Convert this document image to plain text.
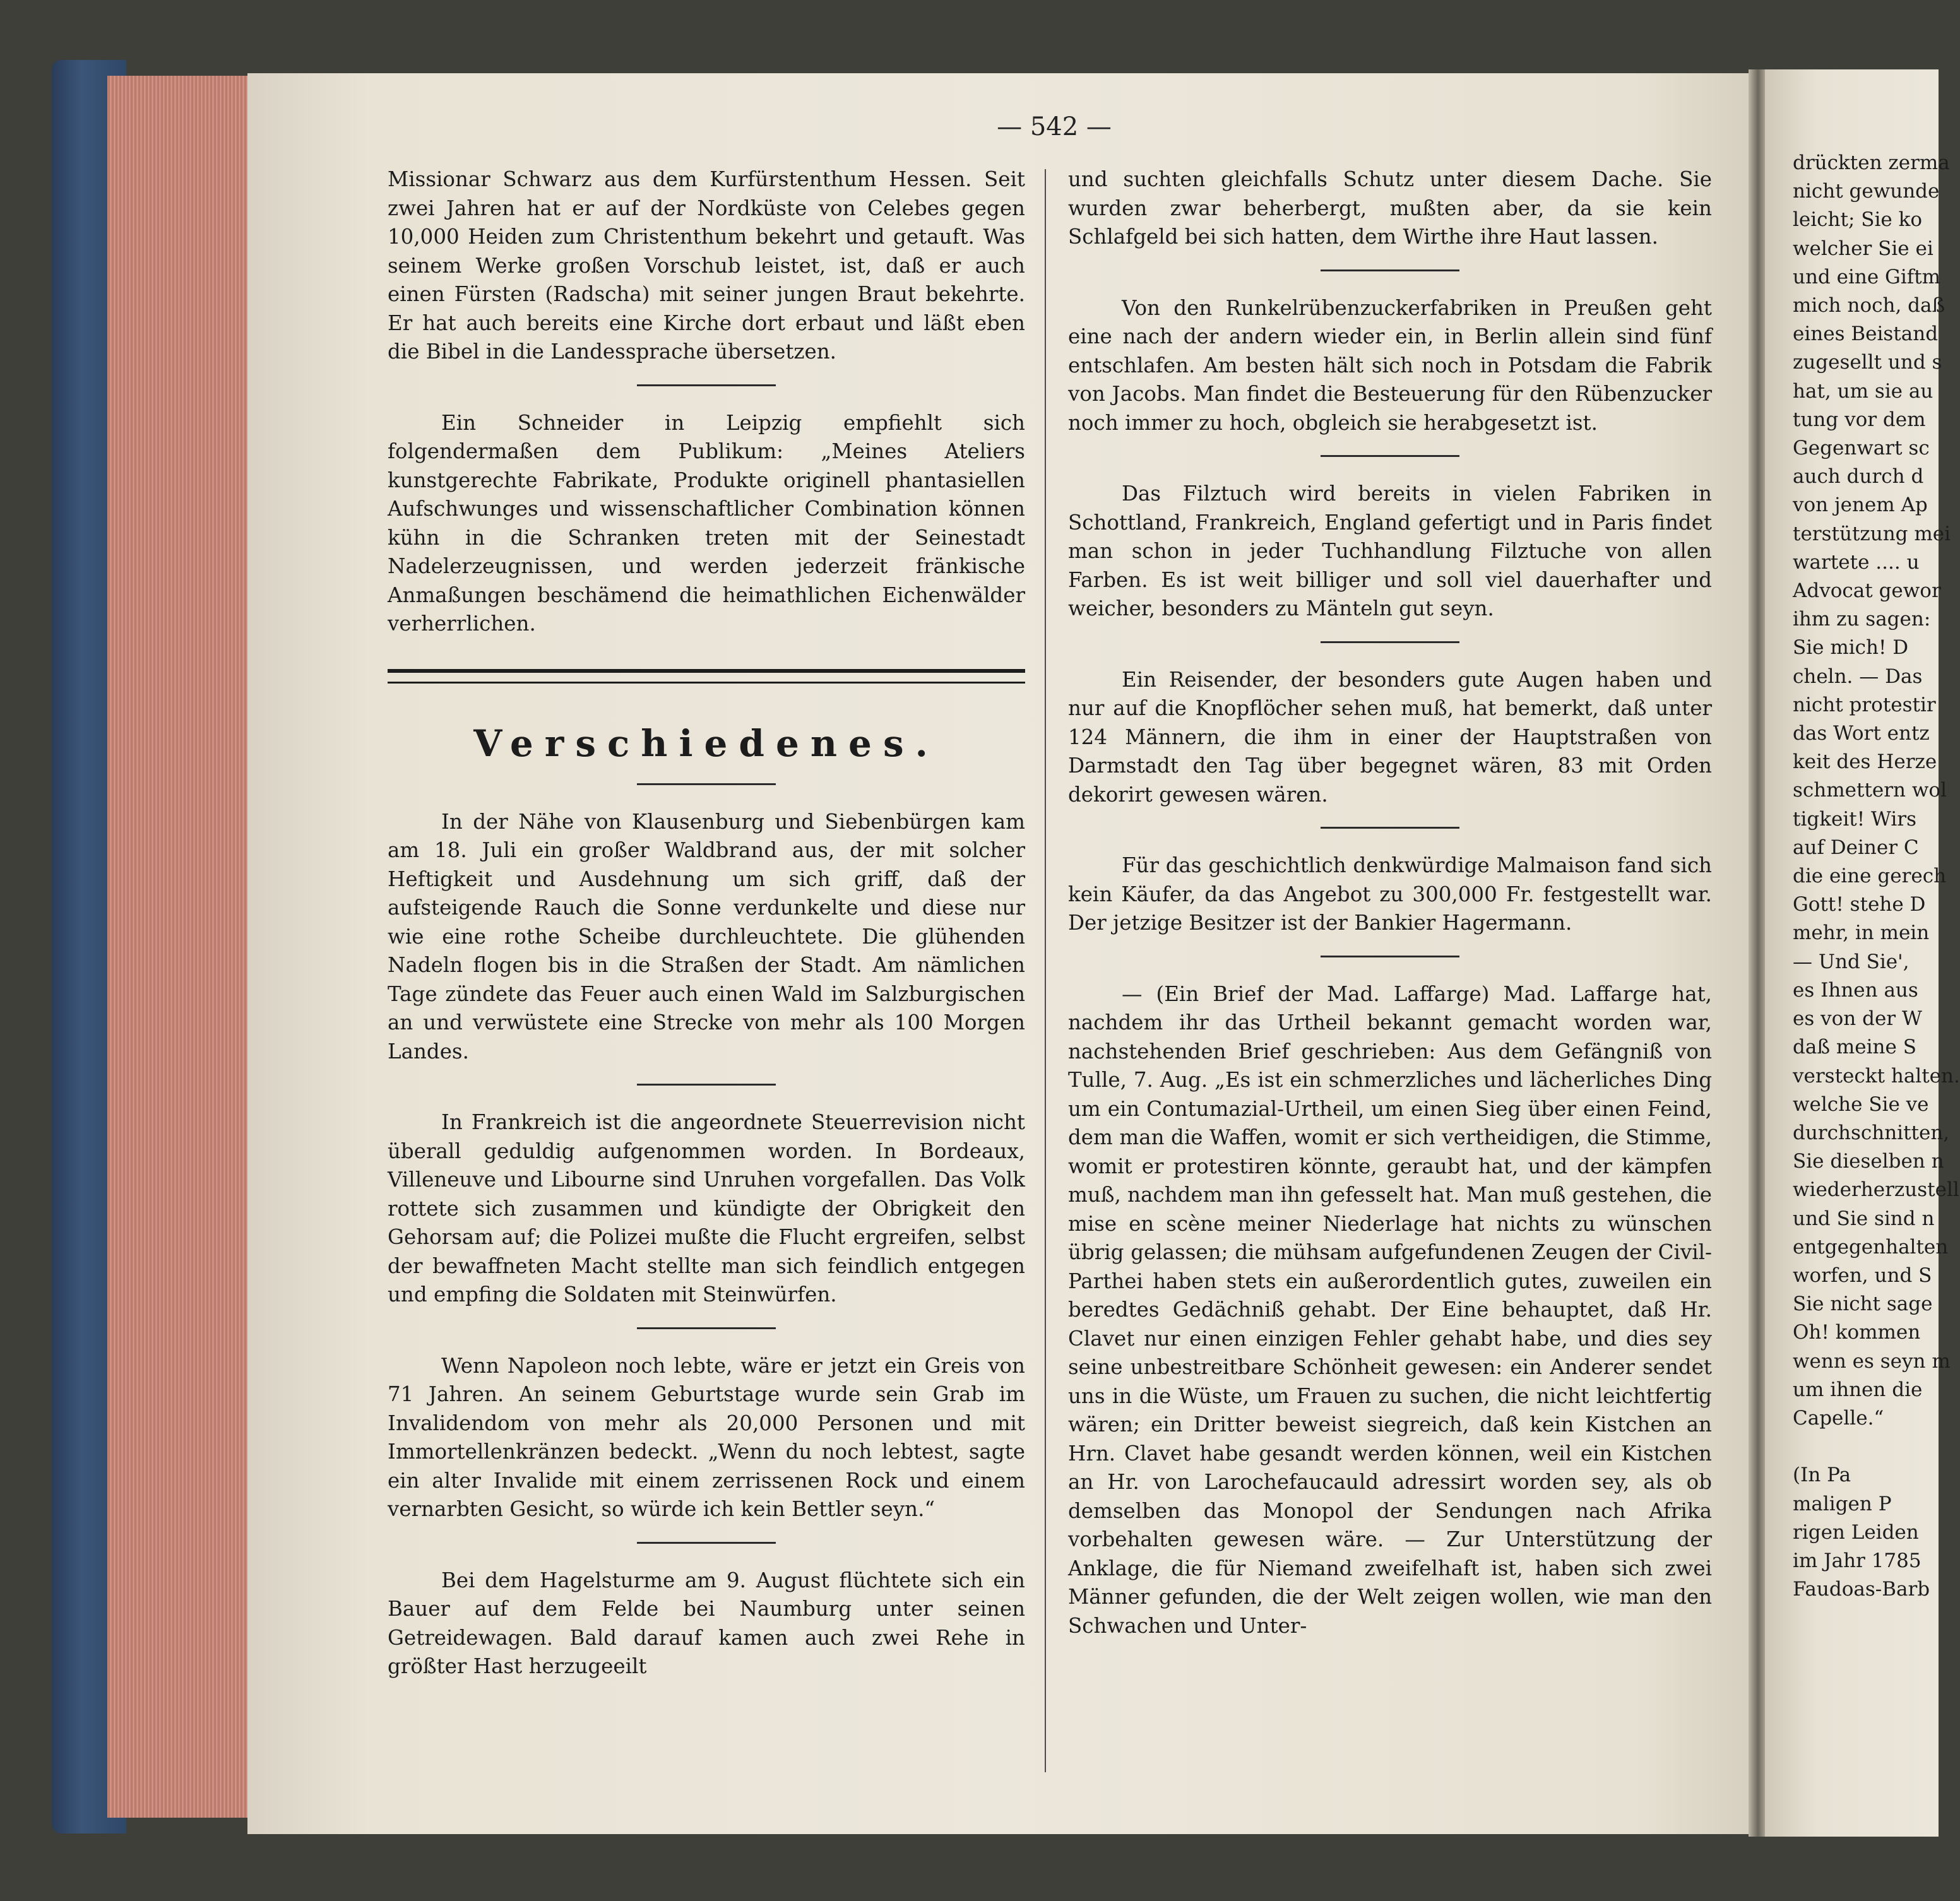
— 542 —

Missionar Schwarz aus dem Kurfürstenthum Hessen. Seit zwei Jahren hat er auf der Nordküste von Celebes gegen 10,000 Heiden zum Christenthum bekehrt und getauft. Was seinem Werke großen Vorschub leistet, ist, daß er auch einen Fürsten (Radscha) mit seiner jungen Braut bekehrte. Er hat auch bereits eine Kirche dort erbaut und läßt eben die Bibel in die Landessprache übersetzen.

Ein Schneider in Leipzig empfiehlt sich folgendermaßen dem Publikum: „Meines Ateliers kunstgerechte Fabrikate, Produkte originell phantasiellen Aufschwunges und wissenschaftlicher Combination können kühn in die Schranken treten mit der Seinestadt Nadelerzeugnissen, und werden jederzeit fränkische Anmaßungen beschämend die heimathlichen Eichenwälder verherrlichen.

Verschiedenes.

In der Nähe von Klausenburg und Siebenbürgen kam am 18. Juli ein großer Waldbrand aus, der mit solcher Heftigkeit und Ausdehnung um sich griff, daß der aufsteigende Rauch die Sonne verdunkelte und diese nur wie eine rothe Scheibe durchleuchtete. Die glühenden Nadeln flogen bis in die Straßen der Stadt. Am nämlichen Tage zündete das Feuer auch einen Wald im Salzburgischen an und verwüstete eine Strecke von mehr als 100 Morgen Landes.

In Frankreich ist die angeordnete Steuerrevision nicht überall geduldig aufgenommen worden. In Bordeaux, Villeneuve und Libourne sind Unruhen vorgefallen. Das Volk rottete sich zusammen und kündigte der Obrigkeit den Gehorsam auf; die Polizei mußte die Flucht ergreifen, selbst der bewaffneten Macht stellte man sich feindlich entgegen und empfing die Soldaten mit Steinwürfen.

Wenn Napoleon noch lebte, wäre er jetzt ein Greis von 71 Jahren. An seinem Geburtstage wurde sein Grab im Invalidendom von mehr als 20,000 Personen und mit Immortellenkränzen bedeckt. „Wenn du noch lebtest, sagte ein alter Invalide mit einem zerrissenen Rock und einem vernarbten Gesicht, so würde ich kein Bettler seyn.“

Bei dem Hagelsturme am 9. August flüchtete sich ein Bauer auf dem Felde bei Naumburg unter seinen Getreidewagen. Bald darauf kamen auch zwei Rehe in größter Hast herzugeeilt

und suchten gleichfalls Schutz unter diesem Dache. Sie wurden zwar beherbergt, mußten aber, da sie kein Schlafgeld bei sich hatten, dem Wirthe ihre Haut lassen.

Von den Runkelrübenzuckerfabriken in Preußen geht eine nach der andern wieder ein, in Berlin allein sind fünf entschlafen. Am besten hält sich noch in Potsdam die Fabrik von Jacobs. Man findet die Besteuerung für den Rübenzucker noch immer zu hoch, obgleich sie herabgesetzt ist.

Das Filztuch wird bereits in vielen Fabriken in Schottland, Frankreich, England gefertigt und in Paris findet man schon in jeder Tuchhandlung Filztuche von allen Farben. Es ist weit billiger und soll viel dauerhafter und weicher, besonders zu Mänteln gut seyn.

Ein Reisender, der besonders gute Augen haben und nur auf die Knopflöcher sehen muß, hat bemerkt, daß unter 124 Männern, die ihm in einer der Hauptstraßen von Darmstadt den Tag über begegnet wären, 83 mit Orden dekorirt gewesen wären.

Für das geschichtlich denkwürdige Malmaison fand sich kein Käufer, da das Angebot zu 300,000 Fr. festgestellt war. Der jetzige Besitzer ist der Bankier Hagermann.

— (Ein Brief der Mad. Laffarge) Mad. Laffarge hat, nachdem ihr das Urtheil bekannt gemacht worden war, nachstehenden Brief geschrieben: Aus dem Gefängniß von Tulle, 7. Aug. „Es ist ein schmerzliches und lächerliches Ding um ein Contumazial-Urtheil, um einen Sieg über einen Feind, dem man die Waffen, womit er sich vertheidigen, die Stimme, womit er protestiren könnte, geraubt hat, und der kämpfen muß, nachdem man ihn gefesselt hat. Man muß gestehen, die mise en scène meiner Niederlage hat nichts zu wünschen übrig gelassen; die mühsam aufgefundenen Zeugen der Civil-Parthei haben stets ein außerordentlich gutes, zuweilen ein beredtes Gedächniß gehabt. Der Eine behauptet, daß Hr. Clavet nur einen einzigen Fehler gehabt habe, und dies sey seine unbestreitbare Schönheit gewesen: ein Anderer sendet uns in die Wüste, um Frauen zu suchen, die nicht leichtfertig wären; ein Dritter beweist siegreich, daß kein Kistchen an Hrn. Clavet habe gesandt werden können, weil ein Kistchen an Hr. von Larochefaucauld adressirt worden sey, als ob demselben das Monopol der Sendungen nach Afrika vorbehalten gewesen wäre. — Zur Unterstützung der Anklage, die für Niemand zweifelhaft ist, haben sich zwei Männer gefunden, die der Welt zeigen wollen, wie man den Schwachen und Unter-

drückten zerma

nicht gewunde

leicht; Sie ko

welcher Sie ei

und eine Giftm

mich noch, daß

eines Beistand

zugesellt und s

hat, um sie au

tung vor dem

Gegenwart sc

auch durch d

von jenem Ap

terstützung mei

wartete .... u

Advocat gewor

ihm zu sagen:

Sie mich! D

cheln. — Das

nicht protestir

das Wort entz

keit des Herze

schmettern wol

tigkeit! Wirs

auf Deiner C

die eine gerech

Gott! stehe D

mehr, in mein

— Und Sie',

es Ihnen aus

es von der W

daß meine S

versteckt halten.

welche Sie ve

durchschnitten,

Sie dieselben n

wiederherzustell

und Sie sind n

entgegenhalten

worfen, und S

Sie nicht sage

Oh! kommen

wenn es seyn m

um ihnen die

Capelle.“

(In Pa

maligen P

rigen Leiden

im Jahr 1785

Faudoas-Barb
